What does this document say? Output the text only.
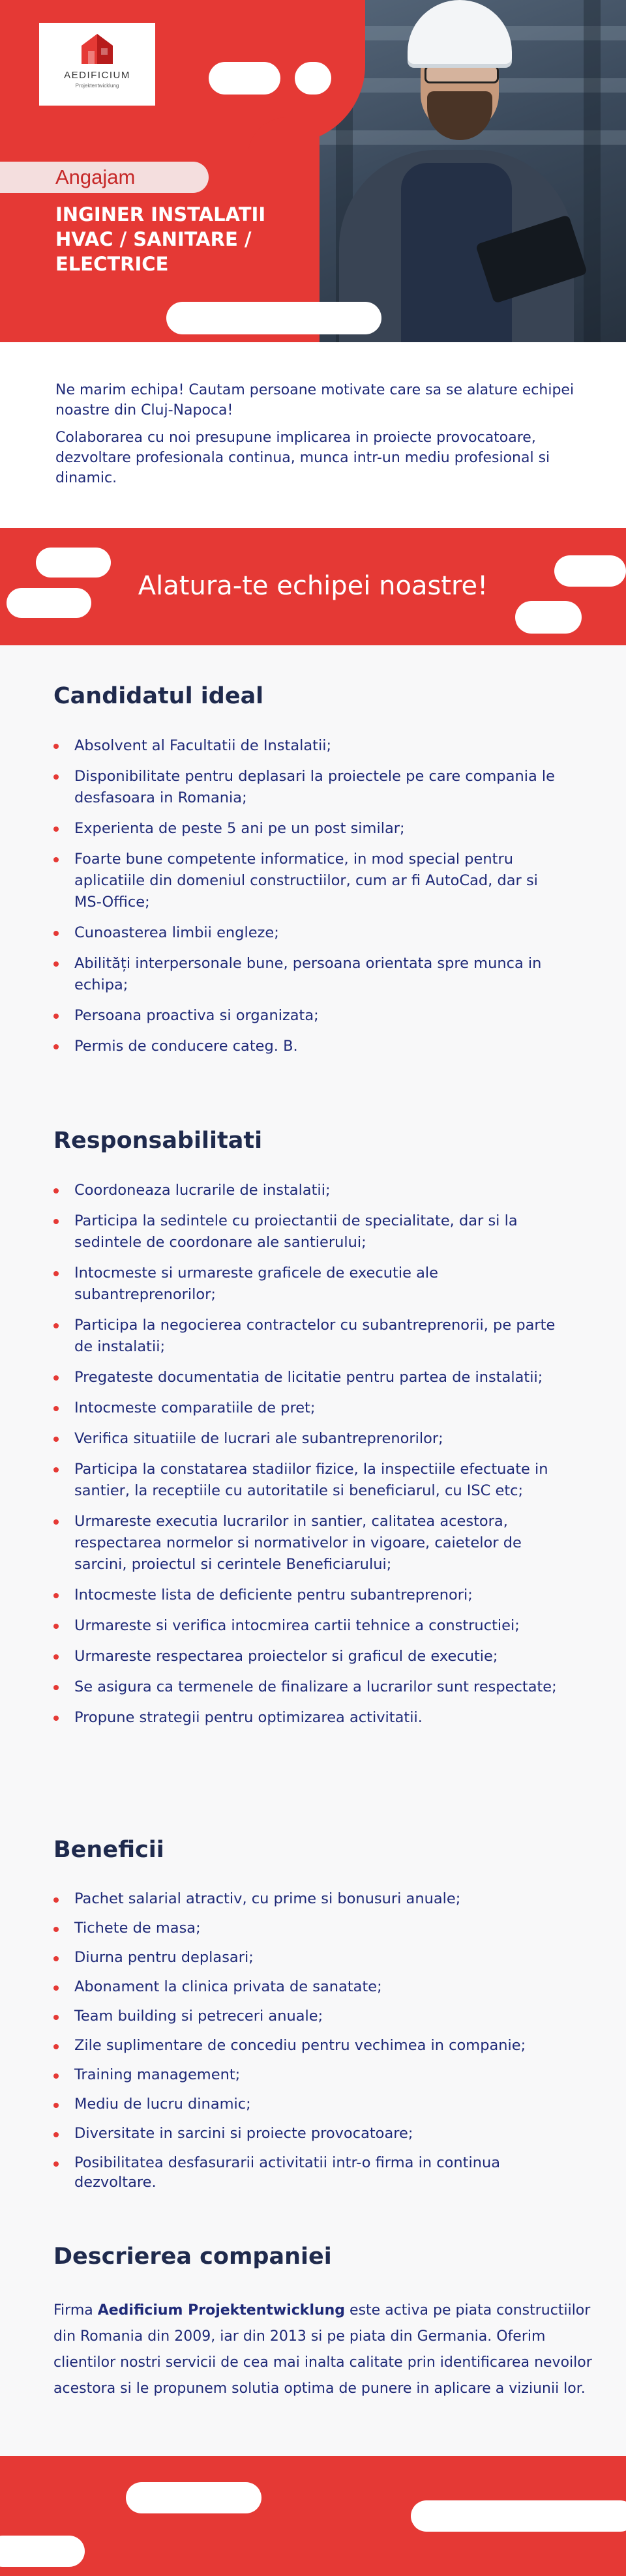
AEDIFICIUM
Projektentwicklung
Angajam
INGINER INSTALATII HVAC / SANITARE / ELECTRICE

Ne marim echipa! Cautam persoane motivate care sa se alature echipei noastre din Cluj-Napoca!

Colaborarea cu noi presupune implicarea in proiecte provocatoare, dezvoltare profesionala continua, munca intr-un mediu profesional si dinamic.

Alatura-te echipei noastre!
Candidatul ideal
Absolvent al Facultatii de Instalatii;
Disponibilitate pentru deplasari la proiectele pe care compania le desfasoara in Romania;
Experienta de peste 5 ani pe un post similar;
Foarte bune competente informatice, in mod special pentru aplicatiile din domeniul constructiilor, cum ar fi AutoCad, dar si MS-Office;
Cunoasterea limbii engleze;
Abilități interpersonale bune, persoana orientata spre munca in echipa;
Persoana proactiva si organizata;
Permis de conducere categ. B.
Responsabilitati
Coordoneaza lucrarile de instalatii;
Participa la sedintele cu proiectantii de specialitate, dar si la sedintele de coordonare ale santierului;
Intocmeste si urmareste graficele de executie ale subantreprenorilor;
Participa la negocierea contractelor cu subantreprenorii, pe parte de instalatii;
Pregateste documentatia de licitatie pentru partea de instalatii;
Intocmeste comparatiile de pret;
Verifica situatiile de lucrari ale subantreprenorilor;
Participa la constatarea stadiilor fizice, la inspectiile efectuate in santier, la receptiile cu autoritatile si beneficiarul, cu ISC etc;
Urmareste executia lucrarilor in santier, calitatea acestora, respectarea normelor si normativelor in vigoare, caietelor de sarcini, proiectul si cerintele Beneficiarului;
Intocmeste lista de deficiente pentru subantreprenori;
Urmareste si verifica intocmirea cartii tehnice a constructiei;
Urmareste respectarea proiectelor si graficul de executie;
Se asigura ca termenele de finalizare a lucrarilor sunt respectate;
Propune strategii pentru optimizarea activitatii.
Beneficii
Pachet salarial atractiv, cu prime si bonusuri anuale;
Tichete de masa;
Diurna pentru deplasari;
Abonament la clinica privata de sanatate;
Team building si petreceri anuale;
Zile suplimentare de concediu pentru vechimea in companie;
Training management;
Mediu de lucru dinamic;
Diversitate in sarcini si proiecte provocatoare;
Posibilitatea desfasurarii activitatii intr-o firma in continua dezvoltare.
Descrierea companiei

Firma Aedificium Projektentwicklung este activa pe piata constructiilor din Romania din 2009, iar din 2013 si pe piata din Germania. Oferim clientilor nostri servicii de cea mai inalta calitate prin identificarea nevoilor acestora si le propunem solutia optima de punere in aplicare a viziunii lor.
